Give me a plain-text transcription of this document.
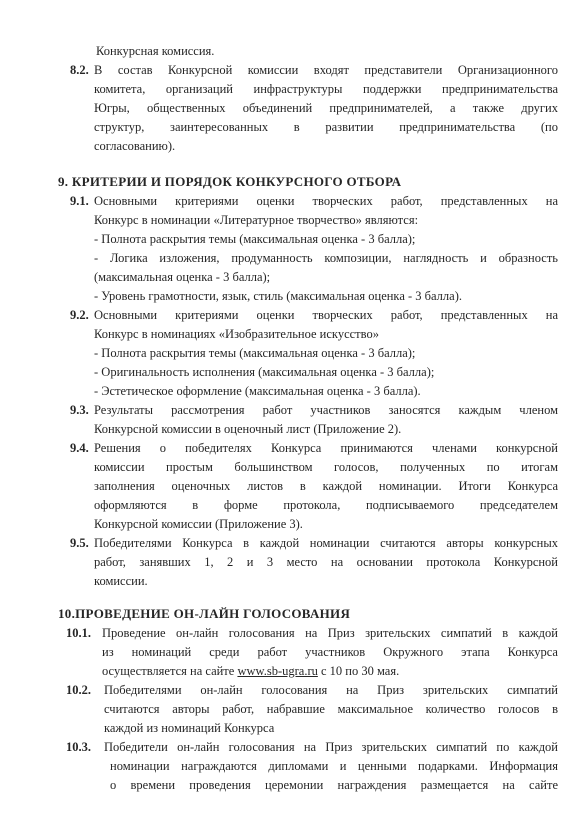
Конкурсная комиссия.
8.2. В состав Конкурсной комиссии входят представители Организационного
комитета, организаций инфраструктуры поддержки предпринимательства
Югры, общественных объединений предпринимателей, а также других
структур, заинтересованных в развитии предпринимательства (по
согласованию).
9. КРИТЕРИИ И ПОРЯДОК КОНКУРСНОГО ОТБОРА
9.1. Основными критериями оценки творческих работ, представленных на
Конкурс в номинации «Литературное творчество» являются:
- Полнота раскрытия темы (максимальная оценка - 3 балла);
- Логика изложения, продуманность композиции, наглядность и образность
(максимальная оценка - 3 балла);
- Уровень грамотности, язык, стиль (максимальная оценка - 3 балла).
9.2. Основными критериями оценки творческих работ, представленных на
Конкурс в номинациях «Изобразительное искусство»
- Полнота раскрытия темы (максимальная оценка - 3 балла);
- Оригинальность исполнения (максимальная оценка - 3 балла);
- Эстетическое оформление (максимальная оценка - 3 балла).
9.3. Результаты рассмотрения работ участников заносятся каждым членом
Конкурсной комиссии в оценочный лист (Приложение 2).
9.4. Решения о победителях Конкурса принимаются членами конкурсной
комиссии простым большинством голосов, полученных по итогам
заполнения оценочных листов в каждой номинации. Итоги Конкурса
оформляются в форме протокола, подписываемого председателем
Конкурсной комиссии (Приложение 3).
9.5. Победителями Конкурса в каждой номинации считаются авторы конкурсных
работ, занявших 1, 2 и 3 место на основании протокола Конкурсной
комиссии.
10.ПРОВЕДЕНИЕ ОН-ЛАЙН ГОЛОСОВАНИЯ
10.1. Проведение он-лайн голосования на Приз зрительских симпатий в каждой
из номинаций среди работ участников Окружного этапа Конкурса
осуществляется на сайте www.sb-ugra.ru с 10 по 30 мая.
10.2. Победителями он-лайн голосования на Приз зрительских симпатий
считаются авторы работ, набравшие максимальное количество голосов в
каждой из номинаций Конкурса
10.3. Победители он-лайн голосования на Приз зрительских симпатий по каждой
номинации награждаются дипломами и ценными подарками. Информация
о времени проведения церемонии награждения размещается на сайте
